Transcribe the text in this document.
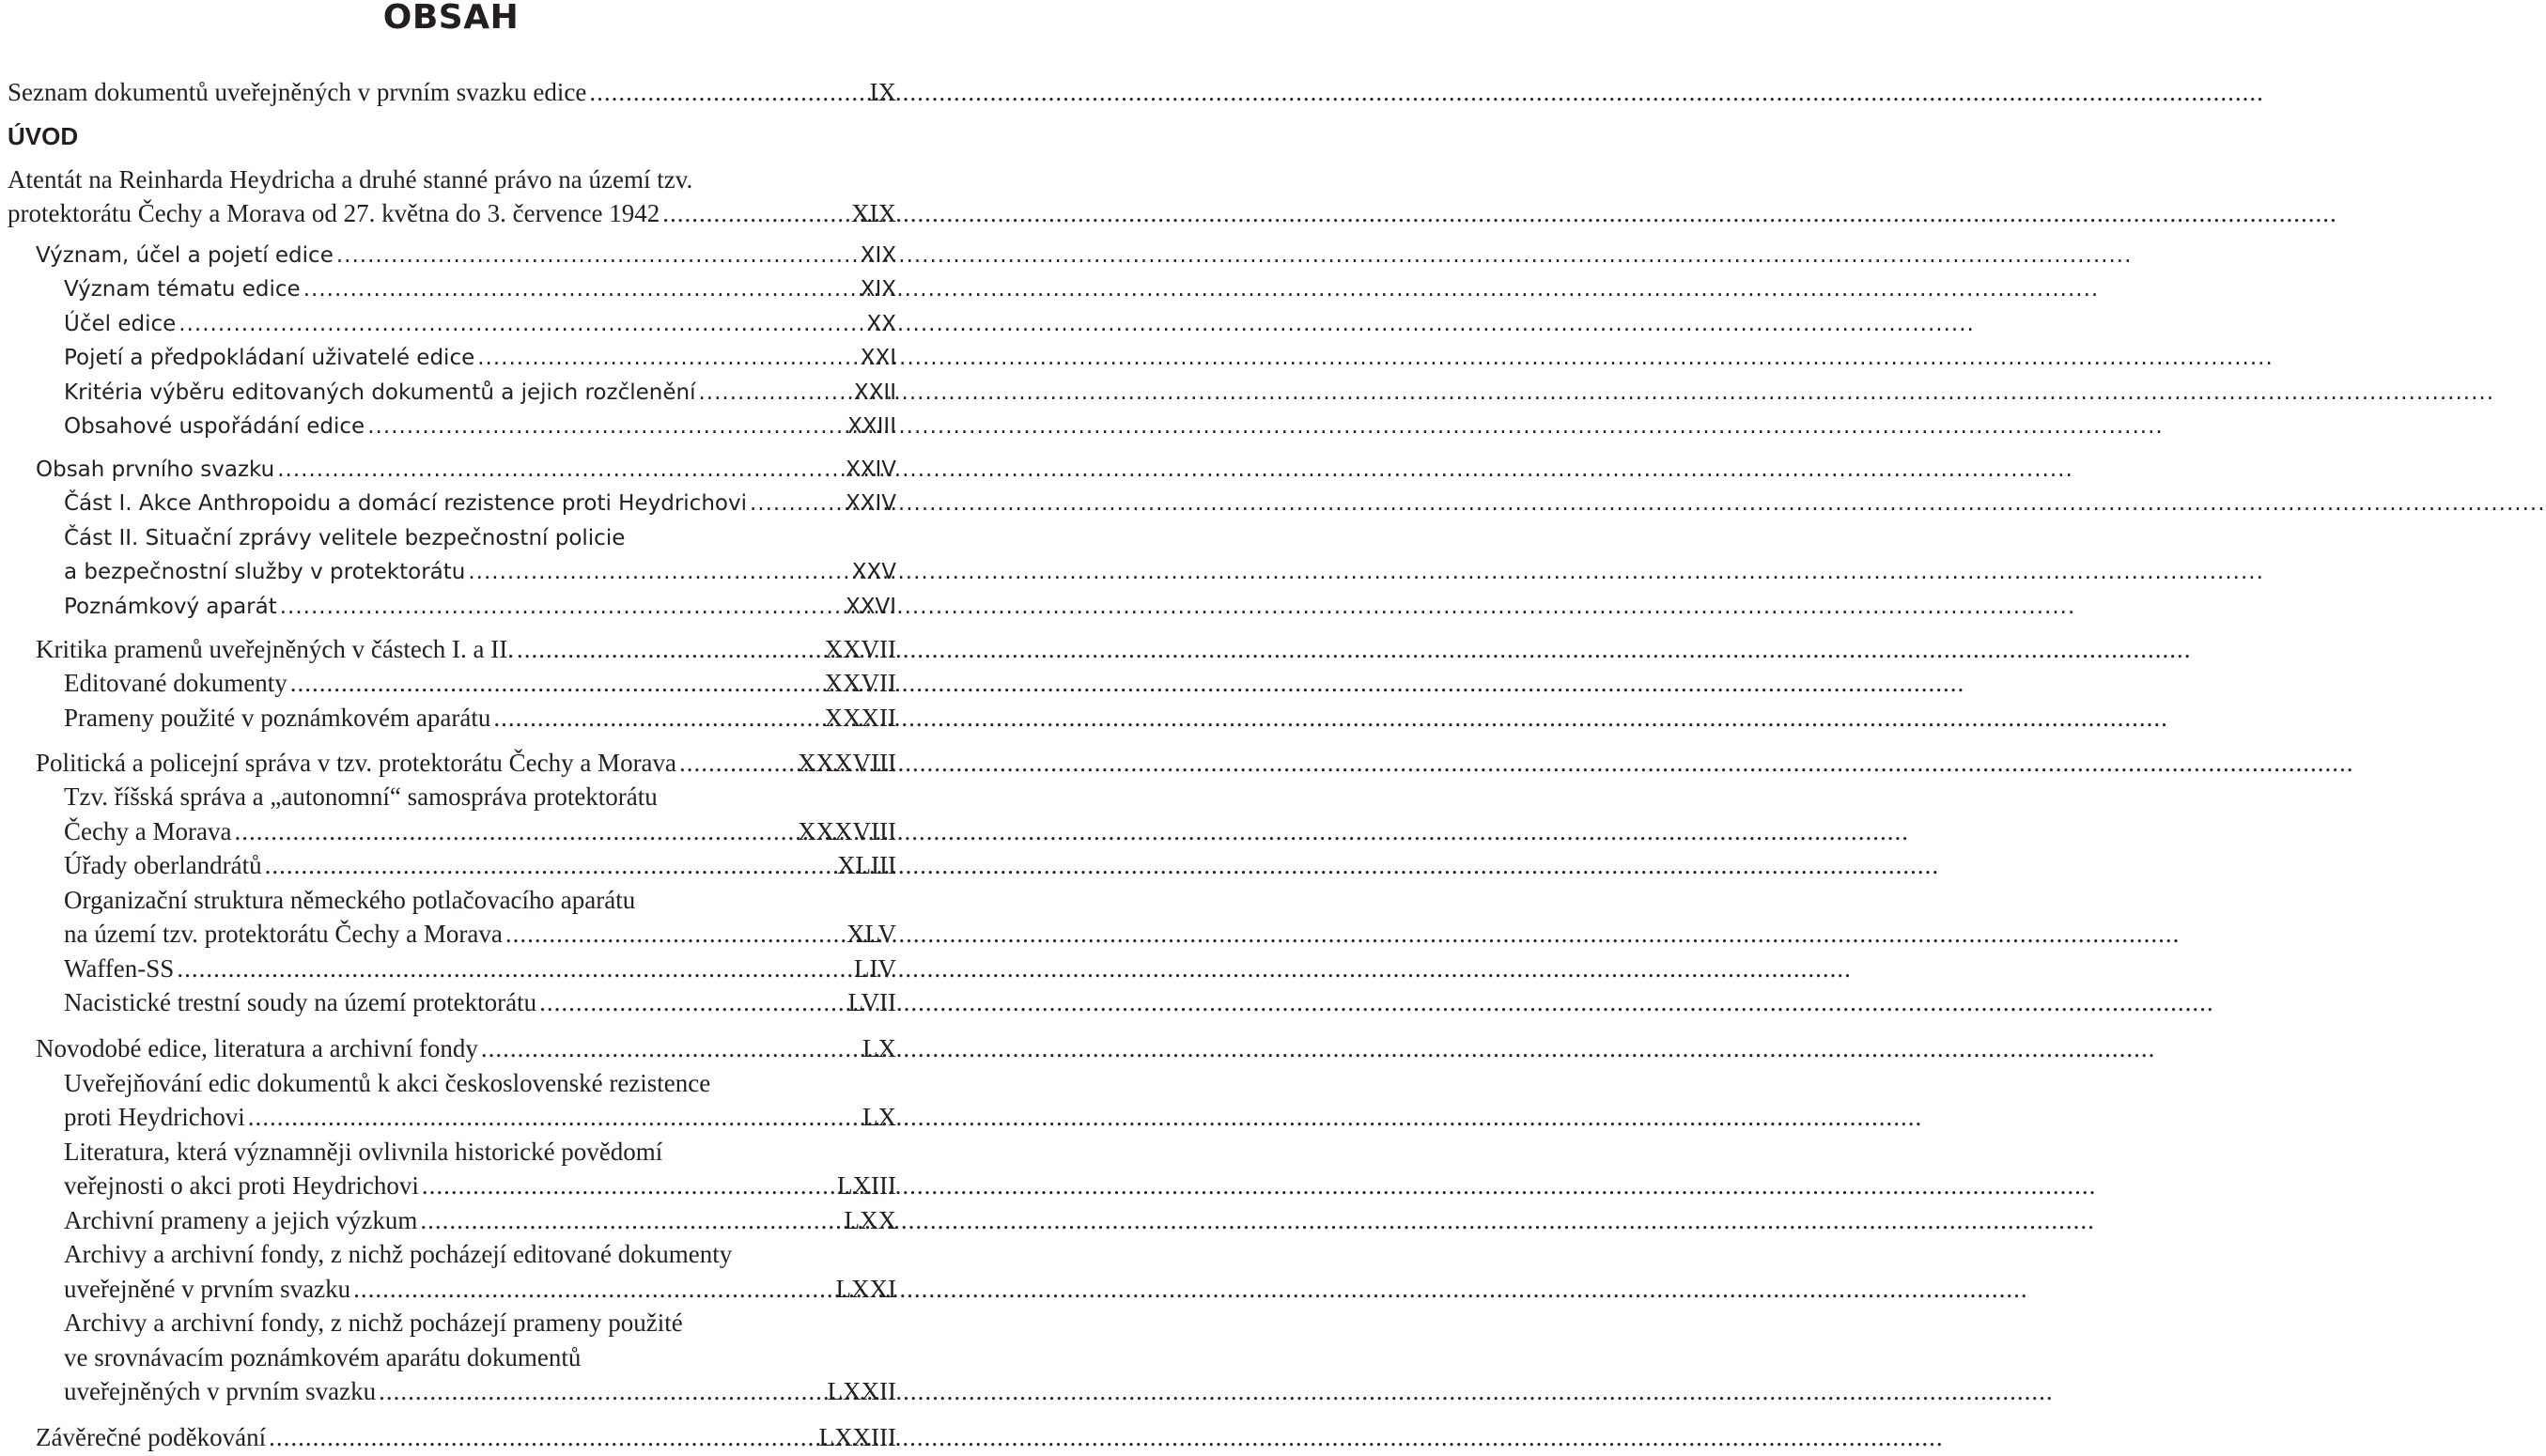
OBSAH
Seznam dokumentů uveřejněných v prvním svazku edice .....	IX
ÚVOD
Atentát na Reinharda Heydricha a druhé stanné právo na území tzv.
protektorátu Čechy a Morava od 27. května do 3. července 1942 .....	XIX
Význam, účel a pojetí edice .....	XIX
Význam tématu edice .....	XIX
Účel edice .....	XX
Pojetí a předpokládaní uživatelé edice .....	XXI
Kritéria výběru editovaných dokumentů a jejich rozčlenění .....	XXII
Obsahové uspořádání edice .....	XXIII
Obsah prvního svazku .....	XXIV
Část I. Akce Anthropoidu a domácí rezistence proti Heydrichovi .....	XXIV
Část II. Situační zprávy velitele bezpečnostní policie
a bezpečnostní služby v protektorátu .....	XXV
Poznámkový aparát .....	XXVI
Kritika pramenů uveřejněných v částech I. a II. .....	XXVII
Editované dokumenty .....	XXVII
Prameny použité v poznámkovém aparátu .....	XXXII
Politická a policejní správa v tzv. protektorátu Čechy a Morava .....	XXXVIII
Tzv. říšská správa a „autonomní“ samospráva protektorátu
Čechy a Morava .....	XXXVIII
Úřady oberlandrátů .....	XLIII
Organizační struktura německého potlačovacího aparátu
na území tzv. protektorátu Čechy a Morava .....	XLV
Waffen-SS .....	LIV
Nacistické trestní soudy na území protektorátu .....	LVII
Novodobé edice, literatura a archivní fondy .....	LX
Uveřejňování edic dokumentů k akci československé rezistence
proti Heydrichovi .....	LX
Literatura, která významněji ovlivnila historické povědomí
veřejnosti o akci proti Heydrichovi .....	LXIII
Archivní prameny a jejich výzkum .....	LXX
Archivy a archivní fondy, z nichž pocházejí editované dokumenty
uveřejněné v prvním svazku .....	LXXI
Archivy a archivní fondy, z nichž pocházejí prameny použité
ve srovnávacím poznámkovém aparátu dokumentů
uveřejněných v prvním svazku .....	LXXII
Závěrečné poděkování .....	LXXIII
